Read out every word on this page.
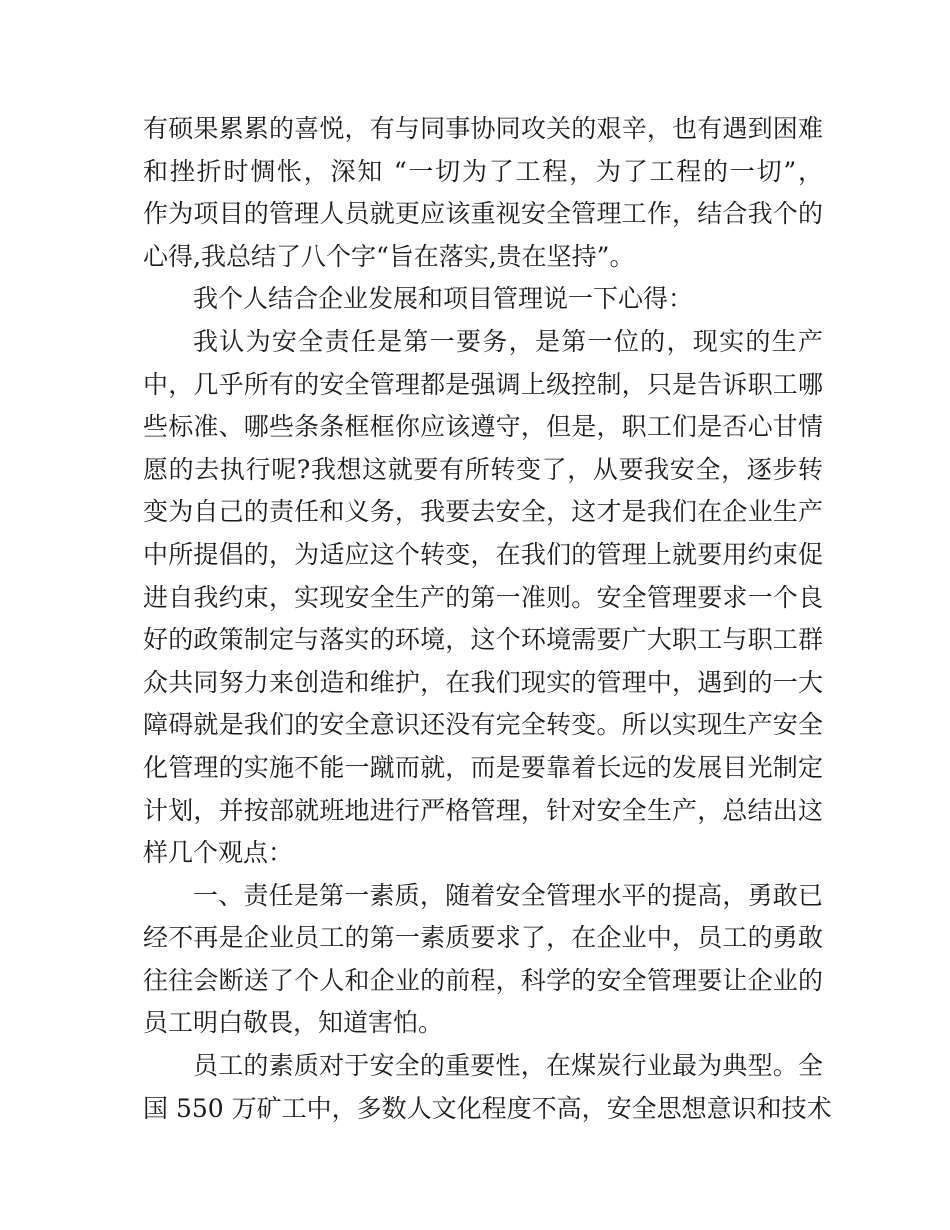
有硕果累累的喜悦，有与同事协同攻关的艰辛，也有遇到困难
和挫折时惆怅，深知 “一切为了工程，为了工程的一切”，
作为项目的管理人员就更应该重视安全管理工作，结合我个的
心得,我总结了八个字“旨在落实,贵在坚持”。
我个人结合企业发展和项目管理说一下心得：
我认为安全责任是第一要务，是第一位的，现实的生产
中，几乎所有的安全管理都是强调上级控制，只是告诉职工哪
些标准、哪些条条框框你应该遵守，但是，职工们是否心甘情
愿的去执行呢?我想这就要有所转变了，从要我安全，逐步转
变为自己的责任和义务，我要去安全，这才是我们在企业生产
中所提倡的，为适应这个转变，在我们的管理上就要用约束促
进自我约束，实现安全生产的第一准则。安全管理要求一个良
好的政策制定与落实的环境，这个环境需要广大职工与职工群
众共同努力来创造和维护，在我们现实的管理中，遇到的一大
障碍就是我们的安全意识还没有完全转变。所以实现生产安全
化管理的实施不能一蹴而就，而是要靠着长远的发展目光制定
计划，并按部就班地进行严格管理，针对安全生产，总结出这
样几个观点：
一、责任是第一素质，随着安全管理水平的提高，勇敢已
经不再是企业员工的第一素质要求了，在企业中，员工的勇敢
往往会断送了个人和企业的前程，科学的安全管理要让企业的
员工明白敬畏，知道害怕。
员工的素质对于安全的重要性，在煤炭行业最为典型。全
国 550 万矿工中，多数人文化程度不高，安全思想意识和技术
